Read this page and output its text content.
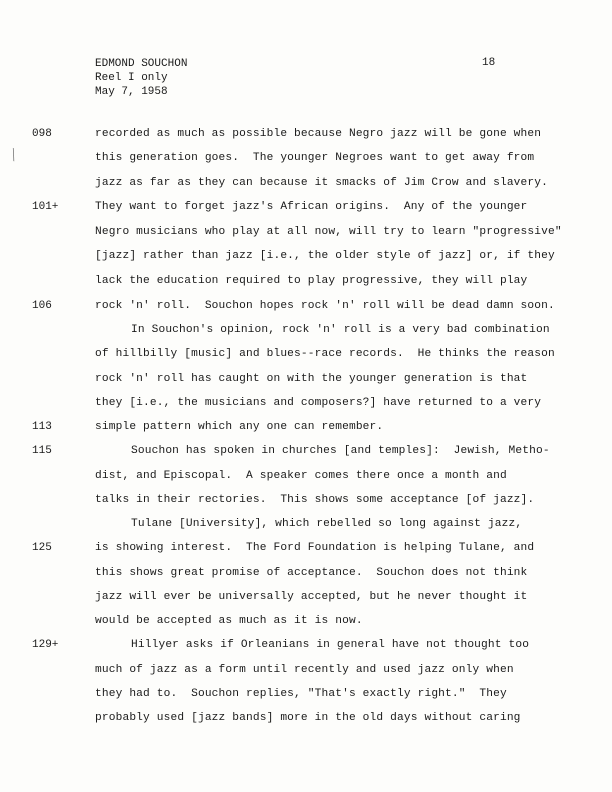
EDMOND SOUCHON
Reel I only
May 7, 1958
18
╲
098
101+
106
113
115
125
129+
recorded as much as possible because Negro jazz will be gone when
this generation goes.  The younger Negroes want to get away from
jazz as far as they can because it smacks of Jim Crow and slavery.
They want to forget jazz's African origins.  Any of the younger
Negro musicians who play at all now, will try to learn "progressive"
[jazz] rather than jazz [i.e., the older style of jazz] or, if they
lack the education required to play progressive, they will play
rock 'n' roll.  Souchon hopes rock 'n' roll will be dead damn soon.
In Souchon's opinion, rock 'n' roll is a very bad combination
of hillbilly [music] and blues--race records.  He thinks the reason
rock 'n' roll has caught on with the younger generation is that
they [i.e., the musicians and composers?] have returned to a very
simple pattern which any one can remember.
Souchon has spoken in churches [and temples]:  Jewish, Metho-
dist, and Episcopal.  A speaker comes there once a month and
talks in their rectories.  This shows some acceptance [of jazz].
Tulane [University], which rebelled so long against jazz,
is showing interest.  The Ford Foundation is helping Tulane, and
this shows great promise of acceptance.  Souchon does not think
jazz will ever be universally accepted, but he never thought it
would be accepted as much as it is now.
Hillyer asks if Orleanians in general have not thought too
much of jazz as a form until recently and used jazz only when
they had to.  Souchon replies, "That's exactly right."  They
probably used [jazz bands] more in the old days without caring
